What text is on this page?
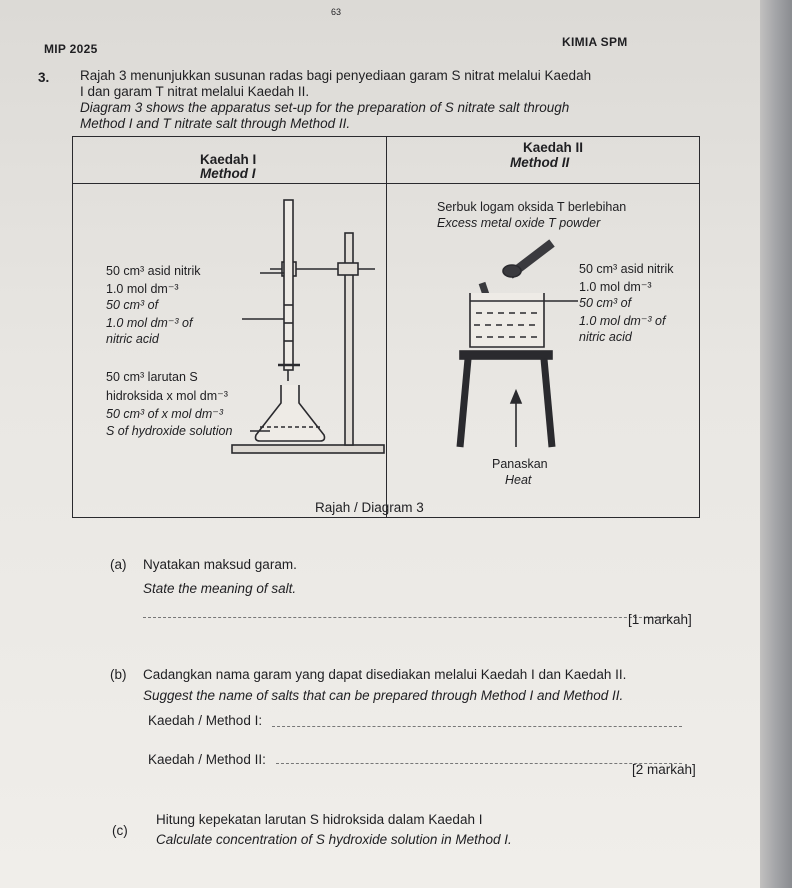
63
MIP 2025	KIMIA SPM
3. Rajah 3 menunjukkan susunan radas bagi penyediaan garam S nitrat melalui Kaedah
I dan garam T nitrat melalui Kaedah II.
Diagram 3 shows the apparatus set-up for the preparation of S nitrate salt through
Method I and T nitrate salt through Method II.
Kaedah I
Method I
Kaedah II
Method II
50 cm³ asid nitrik
1.0 mol dm⁻³
50 cm³ of
1.0 mol dm⁻³ of
nitric acid
50 cm³ larutan S
hidroksida x mol dm⁻³
50 cm³ of x mol dm⁻³
S of hydroxide solution
Serbuk logam oksida T berlebihan
Excess metal oxide T powder
50 cm³ asid nitrik
1.0 mol dm⁻³
50 cm³ of
1.0 mol dm⁻³ of
nitric acid
Panaskan
Heat
Rajah / Diagram 3
(a) Nyatakan maksud garam.
State the meaning of salt.
[1 markah]
(b) Cadangkan nama garam yang dapat disediakan melalui Kaedah I dan Kaedah II.
Suggest the name of salts that can be prepared through Method I and Method II.
Kaedah / Method I:
Kaedah / Method II:
[2 markah]
(c)
Hitung kepekatan larutan S hidroksida dalam Kaedah I
Calculate concentration of S hydroxide solution in Method I.
